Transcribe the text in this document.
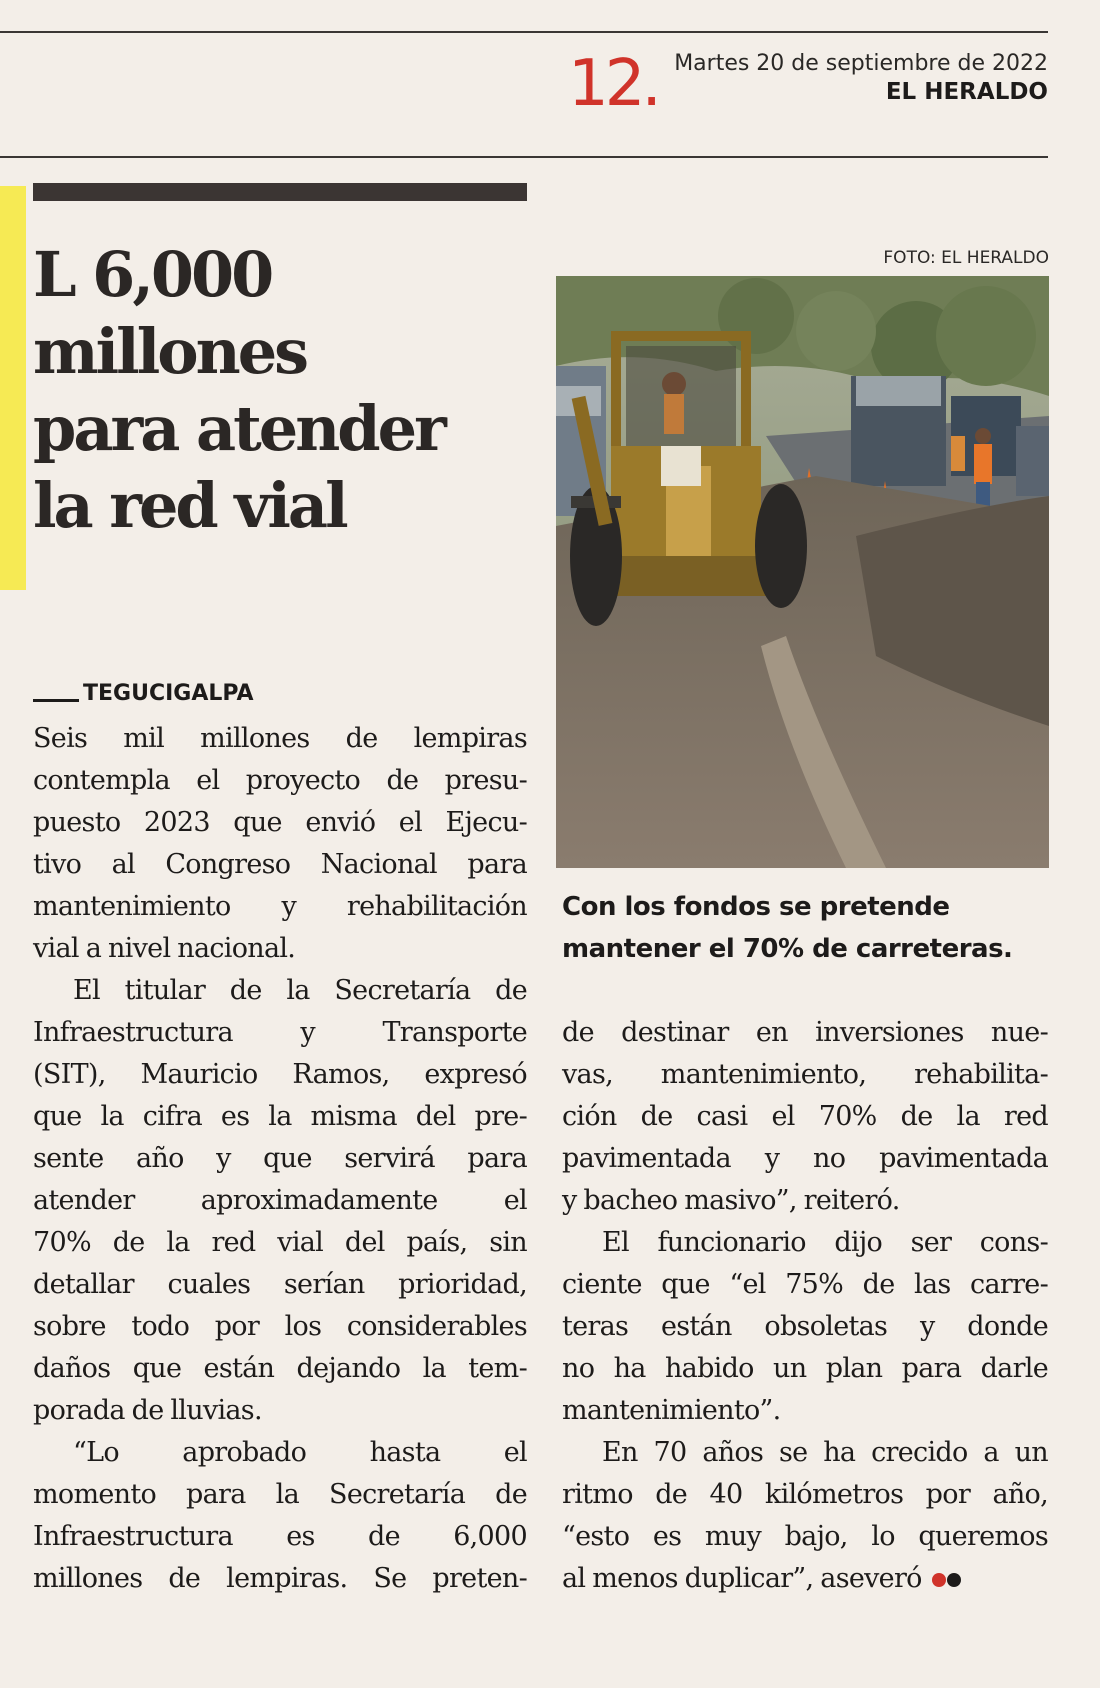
12. Martes 20 de septiembre de 2022
EL HERALDO
L 6,000
millones
para atender
la red vial
TEGUCIGALPA

Seis mil millones de lempiras

contempla el proyecto de presu-

puesto 2023 que envió el Ejecu-

tivo al Congreso Nacional para

mantenimiento y rehabilitación

vial a nivel nacional.

El titular de la Secretaría de

Infraestructura y Transporte

(SIT), Mauricio Ramos, expresó

que la cifra es la misma del pre-

sente año y que servirá para

atender aproximadamente el

70% de la red vial del país, sin

detallar cuales serían prioridad,

sobre todo por los considerables

daños que están dejando la tem-

porada de lluvias.

“Lo aprobado hasta el

momento para la Secretaría de

Infraestructura es de 6,000

millones de lempiras. Se preten-

FOTO: EL HERALDO
Con los fondos se pretende
mantener el 70% de carreteras.

de destinar en inversiones nue-

vas, mantenimiento, rehabilita-

ción de casi el 70% de la red

pavimentada y no pavimentada

y bacheo masivo”, reiteró.

El funcionario dijo ser cons-

ciente que “el 75% de las carre-

teras están obsoletas y donde

no ha habido un plan para darle

mantenimiento”.

En 70 años se ha crecido a un

ritmo de 40 kilómetros por año,

“esto es muy bajo, lo queremos

al menos duplicar”, aseveró
